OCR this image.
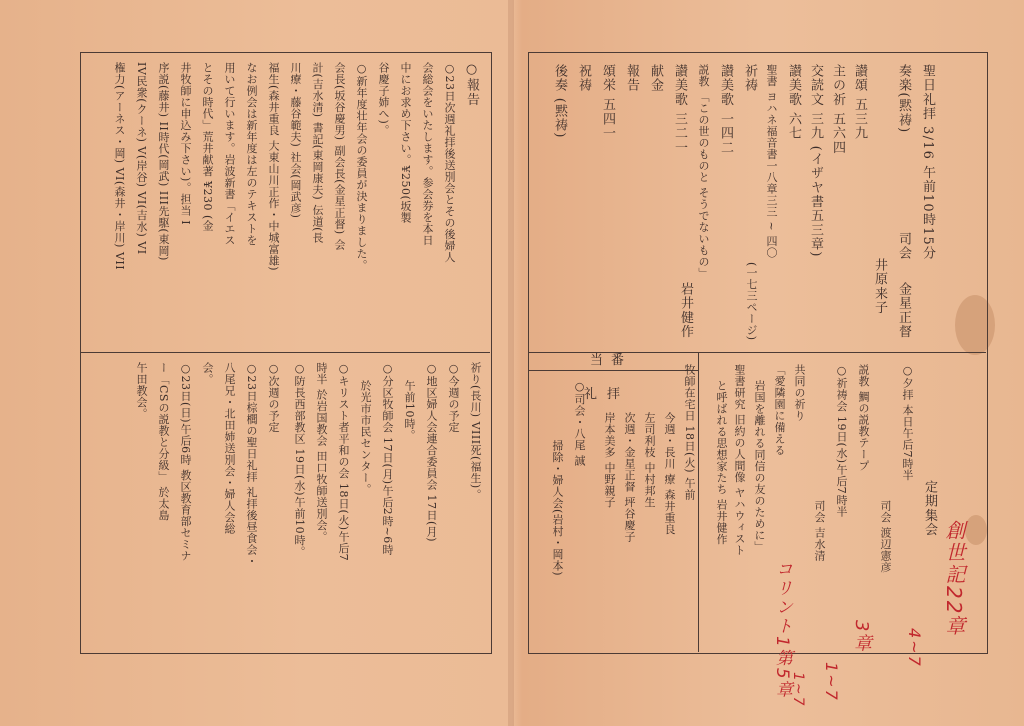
聖日礼拝 3/16 午前10時15分
奏楽(黙祷)
司会
金星正督
井原来子
讃頌 五三九
主の祈 五六四
交読文 三九 (イザヤ書五三章)
讃美歌 六七
聖書 ヨハネ福音書一八章三三 ~ 四〇
(一七三ページ)
祈祷
讃美歌 一四二
説教 「この世のものと そうでないもの」
岩井健作
讃美歌 三二一
献金
報告
頌栄 五四一
祝祷
後奏 (黙祷)
定期集会
○夕拝 本日午后7時半
司会 渡辺憲彦
説教 鯛の説教テープ
○祈祷会 19日(水)午后7時半
司会 吉水清
共同の祈り
「愛隣園に備える
岩国を離れる同信の友のために」
聖書研究 旧約の人間像 ヤハウィスト
と呼ばれる思想家たち 岩井健作
牧師在宅日 18日(火) 午前
当番
礼拝
今週・長川 療 森井重良
左司利枝 中村邦生
次週・金星正督 坪谷慶子
岸本美多 中野親子
○司会・八尾 誠
掃除・婦人会(岩村・岡本)
○報告
○23日次週礼拝後送別会とその後婦人
会総会をいたします。参会券を本日
中にお求め下さい。¥250(坂製
谷慶子姉へ)。
○新年度壮年会の委員が決まりました。
会長(坂谷慶男) 副会長(金星正督) 会
計(吉水清) 書記(東岡康夫) 伝道(長
川療・藤谷範夫) 社会(岡武彦)
福生(森井重良 大東山川正作・中城富雄)
なお例会は新年度は左のテキストを
用いて行います。岩波新書「イエス
とその時代」荒井献著 ¥230 (金
井牧師に申込み下さい)。担当 I
序説(藤井) II時代(岡武) III先駆(東岡)
IV民衆(クーネ) V(岸谷) VI(吉水) VI
権力(アーネス・岡) VI(森井・岸川) VII
祈り(長川) VIII死(福生)。
○今週の予定
○地区婦人会連合委員会 17日(月)
午前10時。
○分区牧師会 17日(月)午后2時~6時
於光市市民センター。
○キリスト者平和の会 18日(火)午后7
時半 於岩国教会 田口牧師送別会。
○防長西部教区 19日(水)午前10時。
○次週の予定
○23日棕櫚の聖日礼拝 礼拝後昼食会・
八尾兄・北田姉送別会・婦人会総
会。
○23日(日)午后6時 教区教育部セミナ
ー「CSの説教と分級」 於太島
午田教会。
創世記22章
コリント1第5章	3章
1~7
4~7
1~7
